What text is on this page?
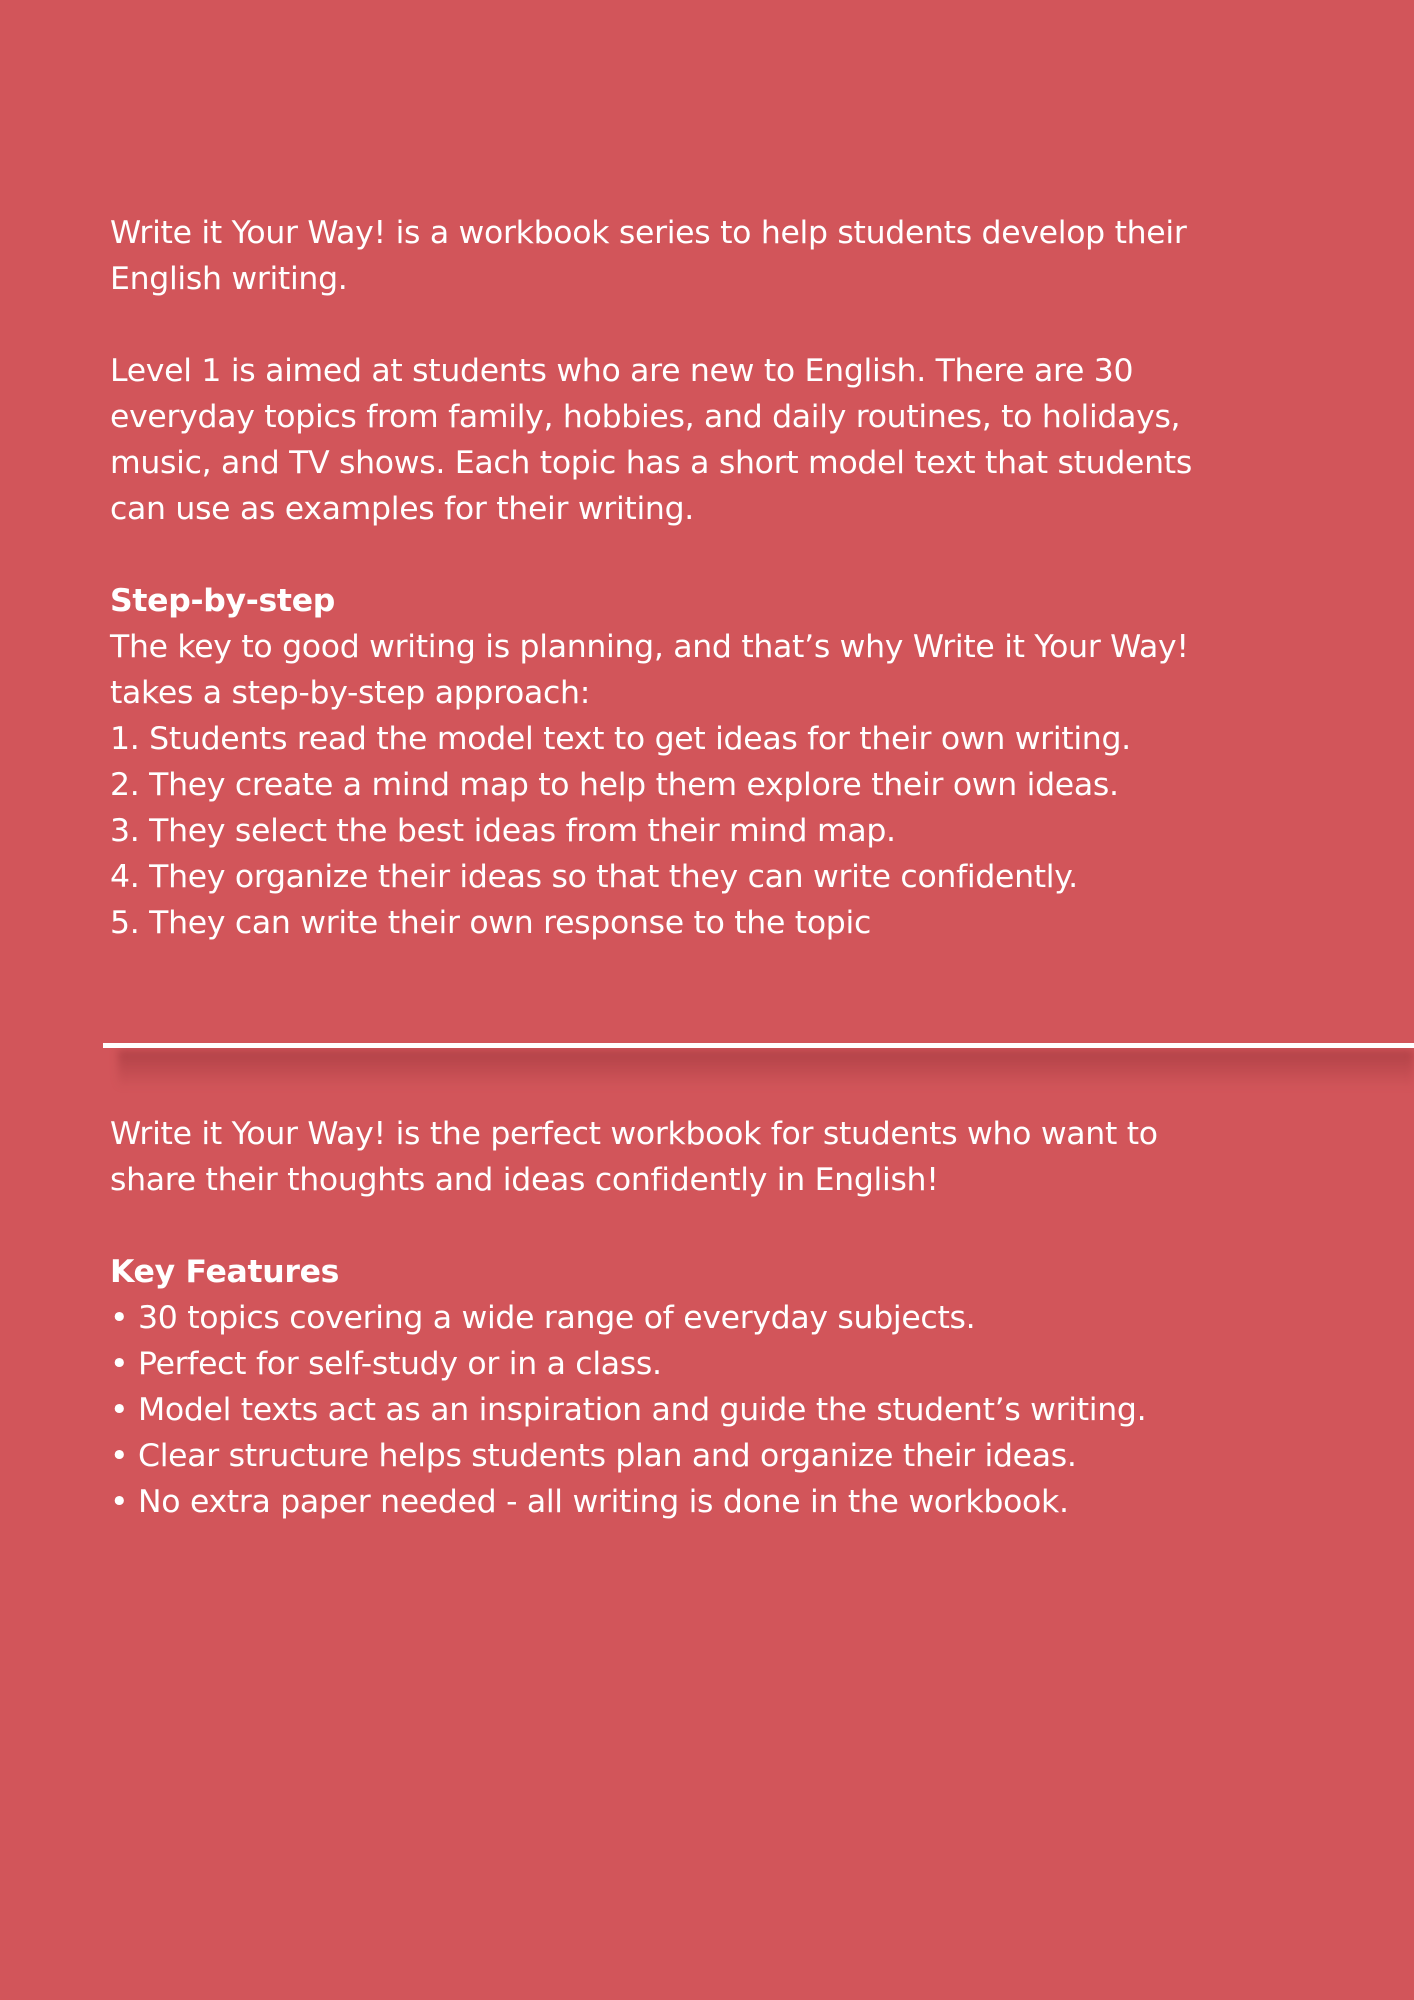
Write it Your Way! is a workbook series to help students develop their

English writing.

Level 1 is aimed at students who are new to English. There are 30

everyday topics from family, hobbies, and daily routines, to holidays,

music, and TV shows. Each topic has a short model text that students

can use as examples for their writing.

Step-by-step

The key to good writing is planning, and that’s why Write it Your Way!

takes a step-by-step approach:

1. Students read the model text to get ideas for their own writing.

2. They create a mind map to help them explore their own ideas.

3. They select the best ideas from their mind map.

4. They organize their ideas so that they can write confidently.

5. They can write their own response to the topic

Write it Your Way! is the perfect workbook for students who want to

share their thoughts and ideas confidently in English!

Key Features

• 30 topics covering a wide range of everyday subjects.

• Perfect for self-study or in a class.

• Model texts act as an inspiration and guide the student’s writing.

• Clear structure helps students plan and organize their ideas.

• No extra paper needed - all writing is done in the workbook.
